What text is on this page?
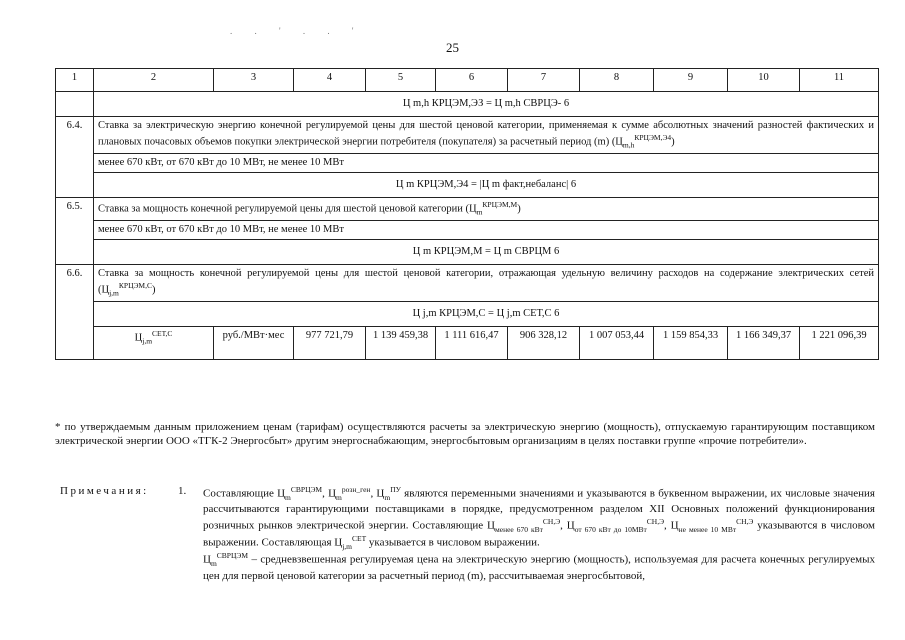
. . ' . . '
25
1	2	3	4	5	6	7	8	9	10	11
	Ц m,h КРЦЭМ,ЭЗ = Ц m,h СВРЦЭ- 6									
6.4.	Ставка за электрическую энергию конечной регулируемой цены для шестой ценовой категории, применяемая к сумме абсолютных значений разностей фактических и плановых почасовых объемов покупки электрической энергии потребителя (покупателя) за расчетный период (m) $(Ц_{m,h}^{КРЦЭМ,Э4})$									
	менее 670 кВт, от 670 кВт до 10 МВт, не менее 10 МВт									
	Ц m КРЦЭМ,Э4 = |Ц m факт,небаланс| 6									
6.5.	Ставка за мощность конечной регулируемой цены для шестой ценовой категории $(Ц_m^{КРЦЭМ,М})$									
	менее 670 кВт, от 670 кВт до 10 МВт, не менее 10 МВт									
	Ц m КРЦЭМ,М = Ц m СВРЦМ 6									
6.6.	Ставка за мощность конечной регулируемой цены для шестой ценовой категории, отражающая удельную величину расходов на содержание электрических сетей $(Ц_{j,m}^{КРЦЭМ,С})$									
	Ц j,m КРЦЭМ,С = Ц j,m СЕТ,С 6									
	$Ц_{j,m}^{СЕТ,С}$	руб./МВт·мес	977 721,79	1 139 459,38	1 111 616,47	906 328,12	1 007 053,44	1 159 854,33	1 166 349,37	1 221 096,39
* по утверждаемым данным приложением ценам (тарифам) осуществляются расчеты за электрическую энергию (мощность), отпускаемую гарантирующим поставщиком электрической энергии ООО «ТГК-2 Энергосбыт» другим энергоснабжающим, энергосбытовым организациям в целях поставки группе «прочие потребители».
Примечания:	1. Составляющие $Ц_m^{СВРЦЭМ}$, $Ц_m^{розн\_ген}$, $Ц_m^{ПУ}$ являются переменными значениями и указываются в буквенном выражении, их числовые значения рассчитываются гарантирующими поставщиками в порядке, предусмотренном разделом XII Основных положений функционирования розничных рынков электрической энергии. Составляющие $Ц_{менее 670 кВт}^{СН,Э}$, $Ц_{от 670 кВт до 10МВт}^{СН,Э}$, $Ц_{не менее 10 МВт}^{СН,Э}$ указываются в числовом выражении. Составляющая $Ц_{j,m}^{СЕТ}$ указывается в числовом выражении.

$Ц_m^{СВРЦЭМ}$ – средневзвешенная регулируемая цена на электрическую энергию (мощность), используемая для расчета конечных регулируемых цен для первой ценовой категории за расчетный период (m), рассчитываемая энергосбытовой,
